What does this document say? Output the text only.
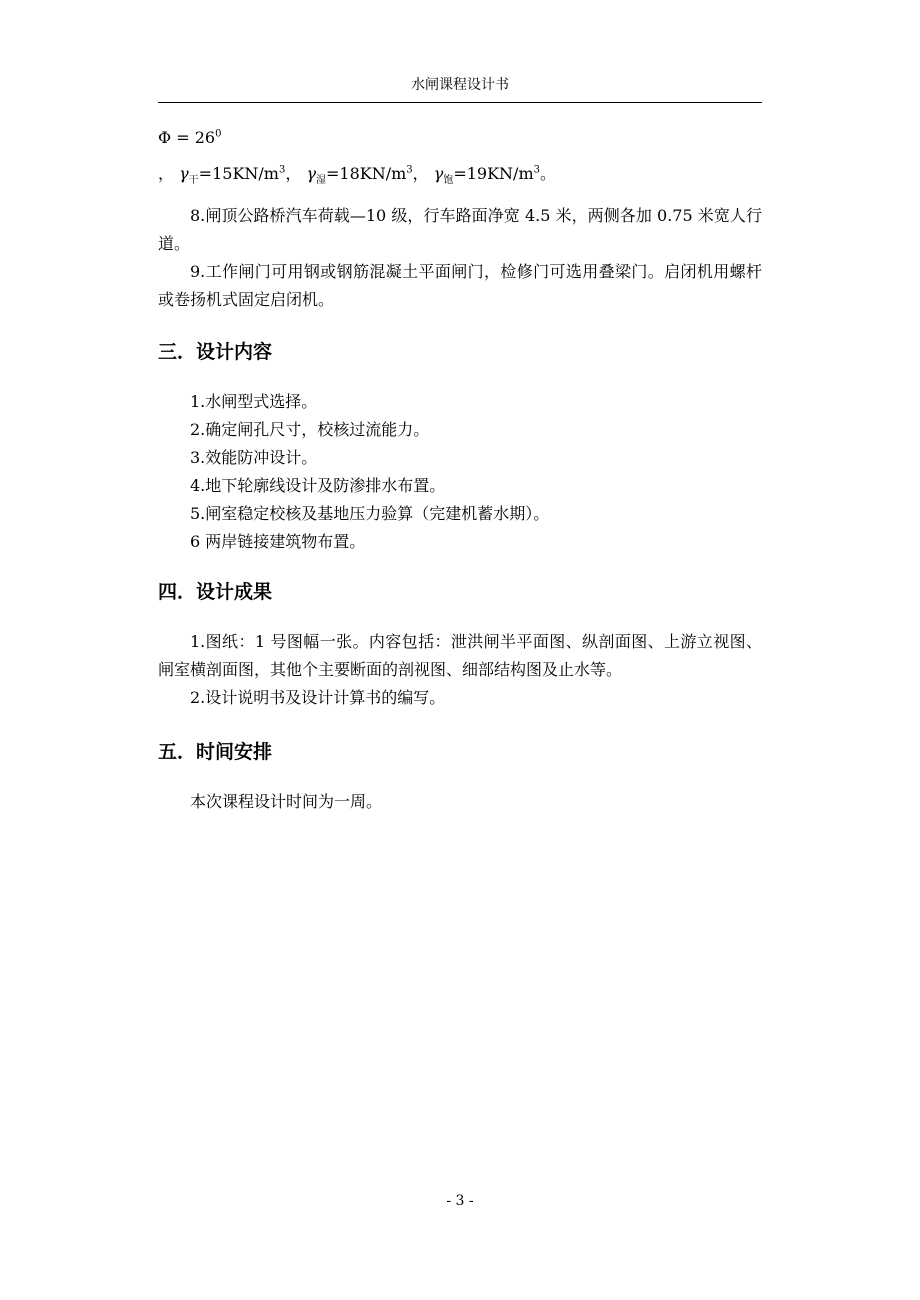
水闸课程设计书

$\Phi = 26^0$

， $\gamma_干=15KN/m^3$， $\gamma_湿=18KN/m^3$， $\gamma_饱=19KN/m^3$。

8.闸顶公路桥汽车荷载—10 级，行车路面净宽 4.5 米，两侧各加 0.75 米宽人行道。

9.工作闸门可用钢或钢筋混凝土平面闸门，检修门可选用叠梁门。启闭机用螺杆或卷扬机式固定启闭机。

三．设计内容

1.水闸型式选择。

2.确定闸孔尺寸，校核过流能力。

3.效能防冲设计。

4.地下轮廓线设计及防渗排水布置。

5.闸室稳定校核及基地压力验算（完建机蓄水期）。

6 两岸链接建筑物布置。

四．设计成果

1.图纸：1 号图幅一张。内容包括：泄洪闸半平面图、纵剖面图、上游立视图、闸室横剖面图，其他个主要断面的剖视图、细部结构图及止水等。

2.设计说明书及设计计算书的编写。

五．时间安排

本次课程设计时间为一周。

- 3 -
